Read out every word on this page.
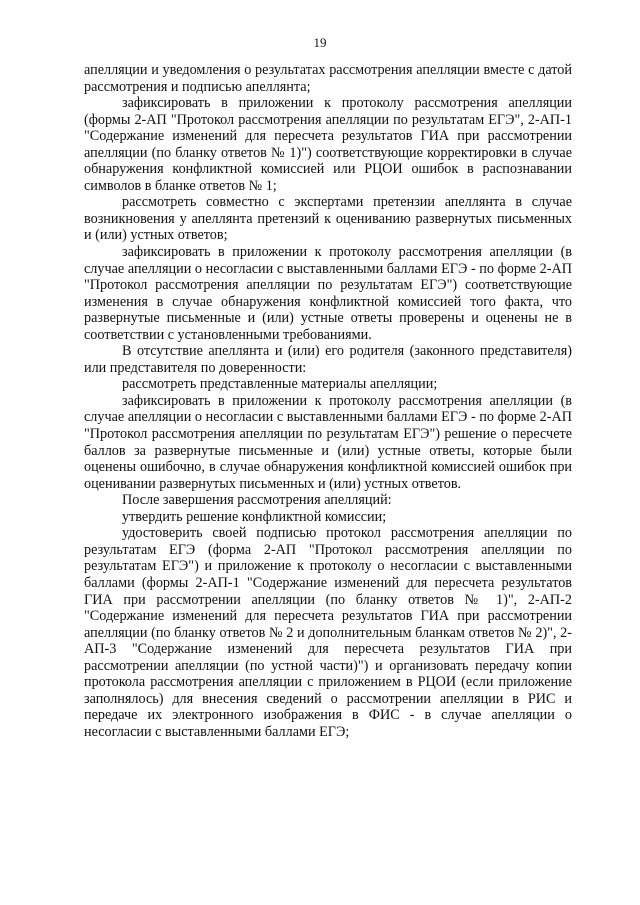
19

апелляции и уведомления о результатах рассмотрения апелляции вместе с датой рассмотрения и подписью апеллянта;

зафиксировать в приложении к протоколу рассмотрения апелляции (формы 2-АП "Протокол рассмотрения апелляции по результатам ЕГЭ", 2-АП-1 "Содержание изменений для пересчета результатов ГИА при рассмотрении апелляции (по бланку ответов № 1)") соответствующие корректировки в случае обнаружения конфликтной комиссией или РЦОИ ошибок в распознавании символов в бланке ответов № 1;

рассмотреть совместно с экспертами претензии апеллянта в случае возникновения у апеллянта претензий к оцениванию развернутых письменных и (или) устных ответов;

зафиксировать в приложении к протоколу рассмотрения апелляции (в случае апелляции о несогласии с выставленными баллами ЕГЭ - по форме 2-АП "Протокол рассмотрения апелляции по результатам ЕГЭ") соответствующие изменения в случае обнаружения конфликтной комиссией того факта, что развернутые письменные и (или) устные ответы проверены и оценены не в соответствии с установленными требованиями.

В отсутствие апеллянта и (или) его родителя (законного представителя) или представителя по доверенности:

рассмотреть представленные материалы апелляции;

зафиксировать в приложении к протоколу рассмотрения апелляции (в случае апелляции о несогласии с выставленными баллами ЕГЭ - по форме 2-АП "Протокол рассмотрения апелляции по результатам ЕГЭ") решение о пересчете баллов за развернутые письменные и (или) устные ответы, которые были оценены ошибочно, в случае обнаружения конфликтной комиссией ошибок при оценивании развернутых письменных и (или) устных ответов.

После завершения рассмотрения апелляций:

утвердить решение конфликтной комиссии;

удостоверить своей подписью протокол рассмотрения апелляции по результатам ЕГЭ (форма 2-АП "Протокол рассмотрения апелляции по результатам ЕГЭ") и приложение к протоколу о несогласии с выставленными баллами (формы 2-АП-1 "Содержание изменений для пересчета результатов ГИА при рассмотрении апелляции (по бланку ответов № 1)", 2-АП-2 "Содержание изменений для пересчета результатов ГИА при рассмотрении апелляции (по бланку ответов № 2 и дополнительным бланкам ответов № 2)", 2-АП-3 "Содержание изменений для пересчета результатов ГИА при рассмотрении апелляции (по устной части)") и организовать передачу копии протокола рассмотрения апелляции с приложением в РЦОИ (если приложение заполнялось) для внесения сведений о рассмотрении апелляции в РИС и передаче их электронного изображения в ФИС - в случае апелляции о несогласии с выставленными баллами ЕГЭ;
